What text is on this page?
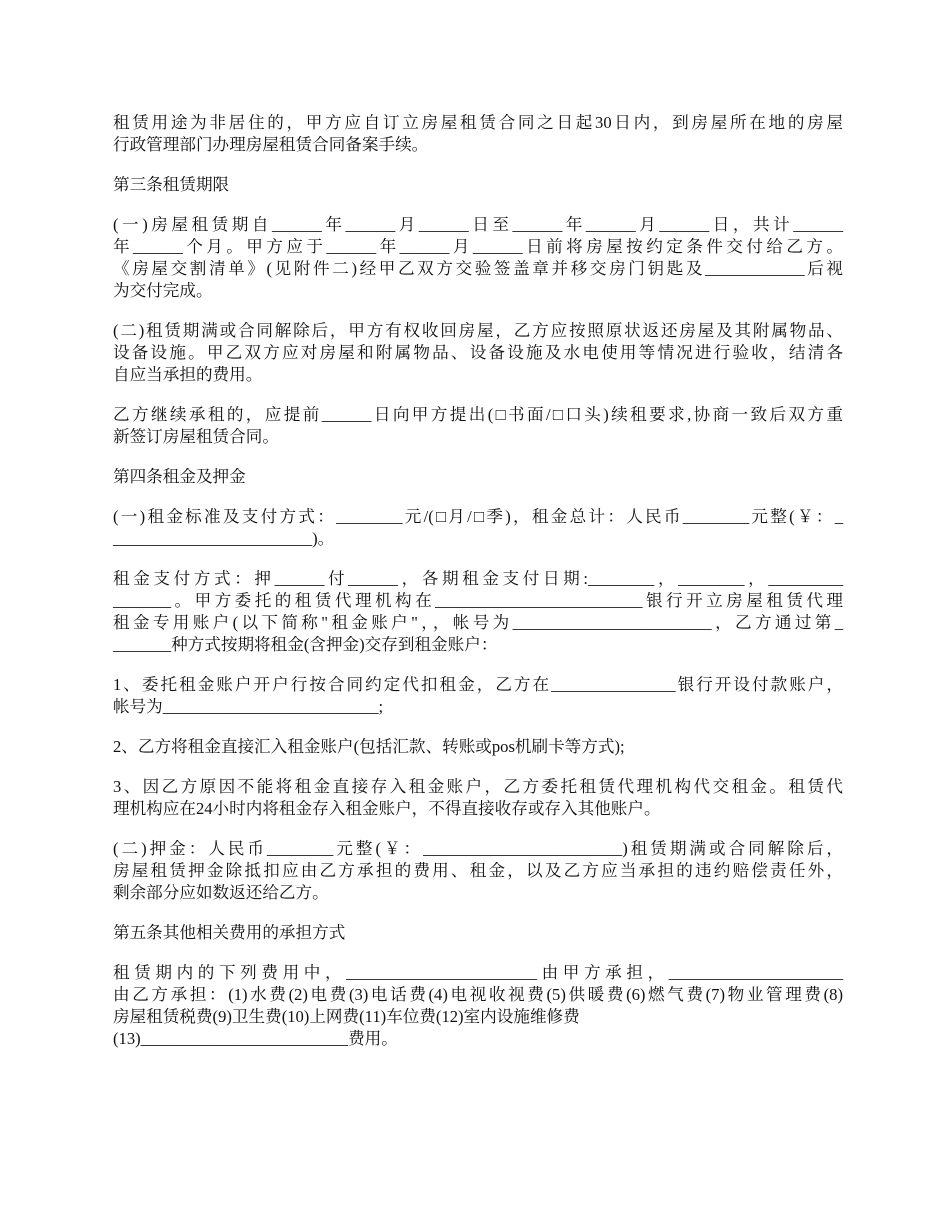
租赁用途为非居住的，甲方应自订立房屋租赁合同之日起30日内，到房屋所在地的房屋
行政管理部门办理房屋租赁合同备案手续。
第三条租赁期限
(一)房屋租赁期自______年______月______日至______年______月______日，共计______
年______个月。甲方应于______年______月______日前将房屋按约定条件交付给乙方。
《房屋交割清单》(见附件二)经甲乙双方交验签盖章并移交房门钥匙及____________后视
为交付完成。
(二)租赁期满或合同解除后，甲方有权收回房屋，乙方应按照原状返还房屋及其附属物品、
设备设施。甲乙双方应对房屋和附属物品、设备设施及水电使用等情况进行验收，结清各
自应当承担的费用。
乙方继续承租的，应提前______日向甲方提出(□书面/□口头)续租要求,协商一致后双方重
新签订房屋租赁合同。
第四条租金及押金
(一)租金标准及支付方式：________元/(□月/□季)，租金总计：人民币________元整(￥：_
________________________)。
租金支付方式：押______付______，各期租金支付日期:________，________，_________
_______。甲方委托的租赁代理机构在_________________________银行开立房屋租赁代理
租金专用账户(以下简称"租金账户"，，帐号为________________________，乙方通过第_
_______种方式按期将租金(含押金)交存到租金账户：
1、委托租金账户开户行按合同约定代扣租金，乙方在_______________银行开设付款账户，
帐号为__________________________;
2、乙方将租金直接汇入租金账户(包括汇款、转账或pos机刷卡等方式);
3、因乙方原因不能将租金直接存入租金账户，乙方委托租赁代理机构代交租金。租赁代
理机构应在24小时内将租金存入租金账户，不得直接收存或存入其他账户。
(二)押金：人民币________元整(￥：________________________)租赁期满或合同解除后，
房屋租赁押金除抵扣应由乙方承担的费用、租金，以及乙方应当承担的违约赔偿责任外，
剩余部分应如数返还给乙方。
第五条其他相关费用的承担方式
租赁期内的下列费用中，_______________________由甲方承担，_____________________
由乙方承担：(1)水费(2)电费(3)电话费(4)电视收视费(5)供暖费(6)燃气费(7)物业管理费(8)
房屋租赁税费(9)卫生费(10)上网费(11)车位费(12)室内设施维修费
(13)_________________________费用。
